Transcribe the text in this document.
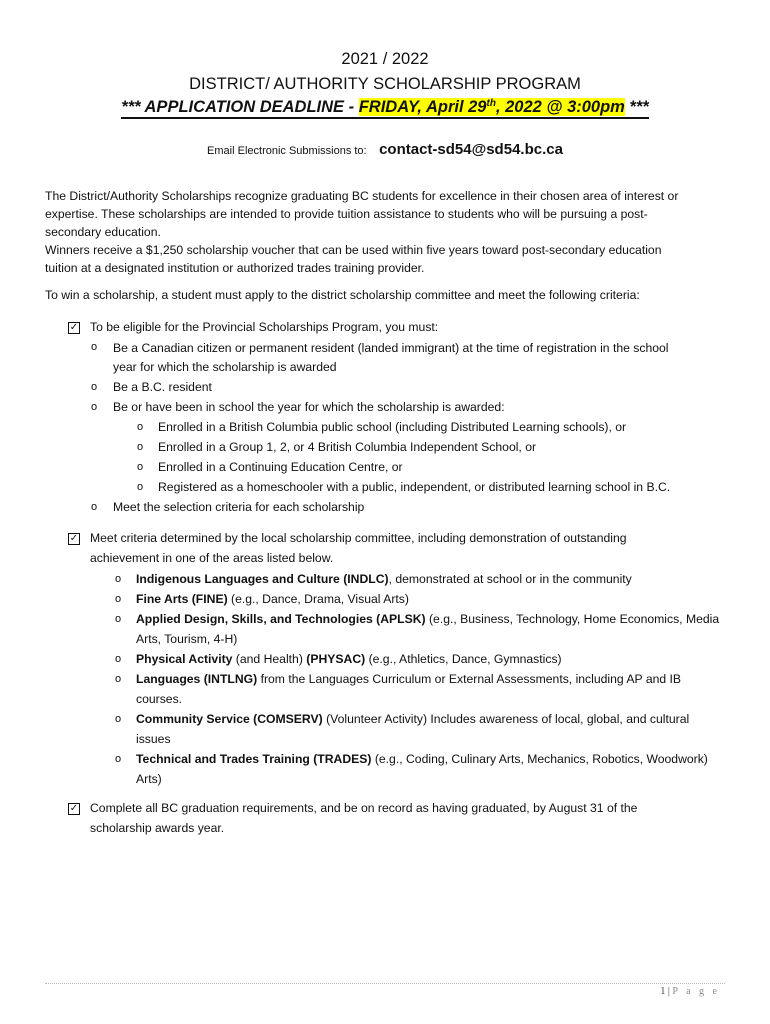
2021 / 2022
DISTRICT/ AUTHORITY SCHOLARSHIP PROGRAM
*** APPLICATION DEADLINE - FRIDAY, April 29th, 2022 @ 3:00pm ***
Email Electronic Submissions to: contact-sd54@sd54.bc.ca
The District/Authority Scholarships recognize graduating BC students for excellence in their chosen area of interest or
expertise. These scholarships are intended to provide tuition assistance to students who will be pursuing a post-
secondary education.
Winners receive a $1,250 scholarship voucher that can be used within five years toward post-secondary education
tuition at a designated institution or authorized trades training provider.
To win a scholarship, a student must apply to the district scholarship committee and meet the following criteria:
✓ To be eligible for the Provincial Scholarships Program, you must:
o Be a Canadian citizen or permanent resident (landed immigrant) at the time of registration in the school
year for which the scholarship is awarded
o Be a B.C. resident
o Be or have been in school the year for which the scholarship is awarded:
o Enrolled in a British Columbia public school (including Distributed Learning schools), or
o Enrolled in a Group 1, 2, or 4 British Columbia Independent School, or
o Enrolled in a Continuing Education Centre, or
o Registered as a homeschooler with a public, independent, or distributed learning school in B.C.
o Meet the selection criteria for each scholarship
✓ Meet criteria determined by the local scholarship committee, including demonstration of outstanding
achievement in one of the areas listed below.
o Indigenous Languages and Culture (INDLC), demonstrated at school or in the community
o Fine Arts (FINE) (e.g., Dance, Drama, Visual Arts)
o Applied Design, Skills, and Technologies (APLSK) (e.g., Business, Technology, Home Economics, Media
Arts, Tourism, 4-H)
o Physical Activity (and Health) (PHYSAC) (e.g., Athletics, Dance, Gymnastics)
o Languages (INTLNG) from the Languages Curriculum or External Assessments, including AP and IB
courses.
o Community Service (COMSERV) (Volunteer Activity) Includes awareness of local, global, and cultural
issues
o Technical and Trades Training (TRADES) (e.g., Coding, Culinary Arts, Mechanics, Robotics, Woodwork)
Arts)
✓ Complete all BC graduation requirements, and be on record as having graduated, by August 31 of the
scholarship awards year.
1 | P a g e
